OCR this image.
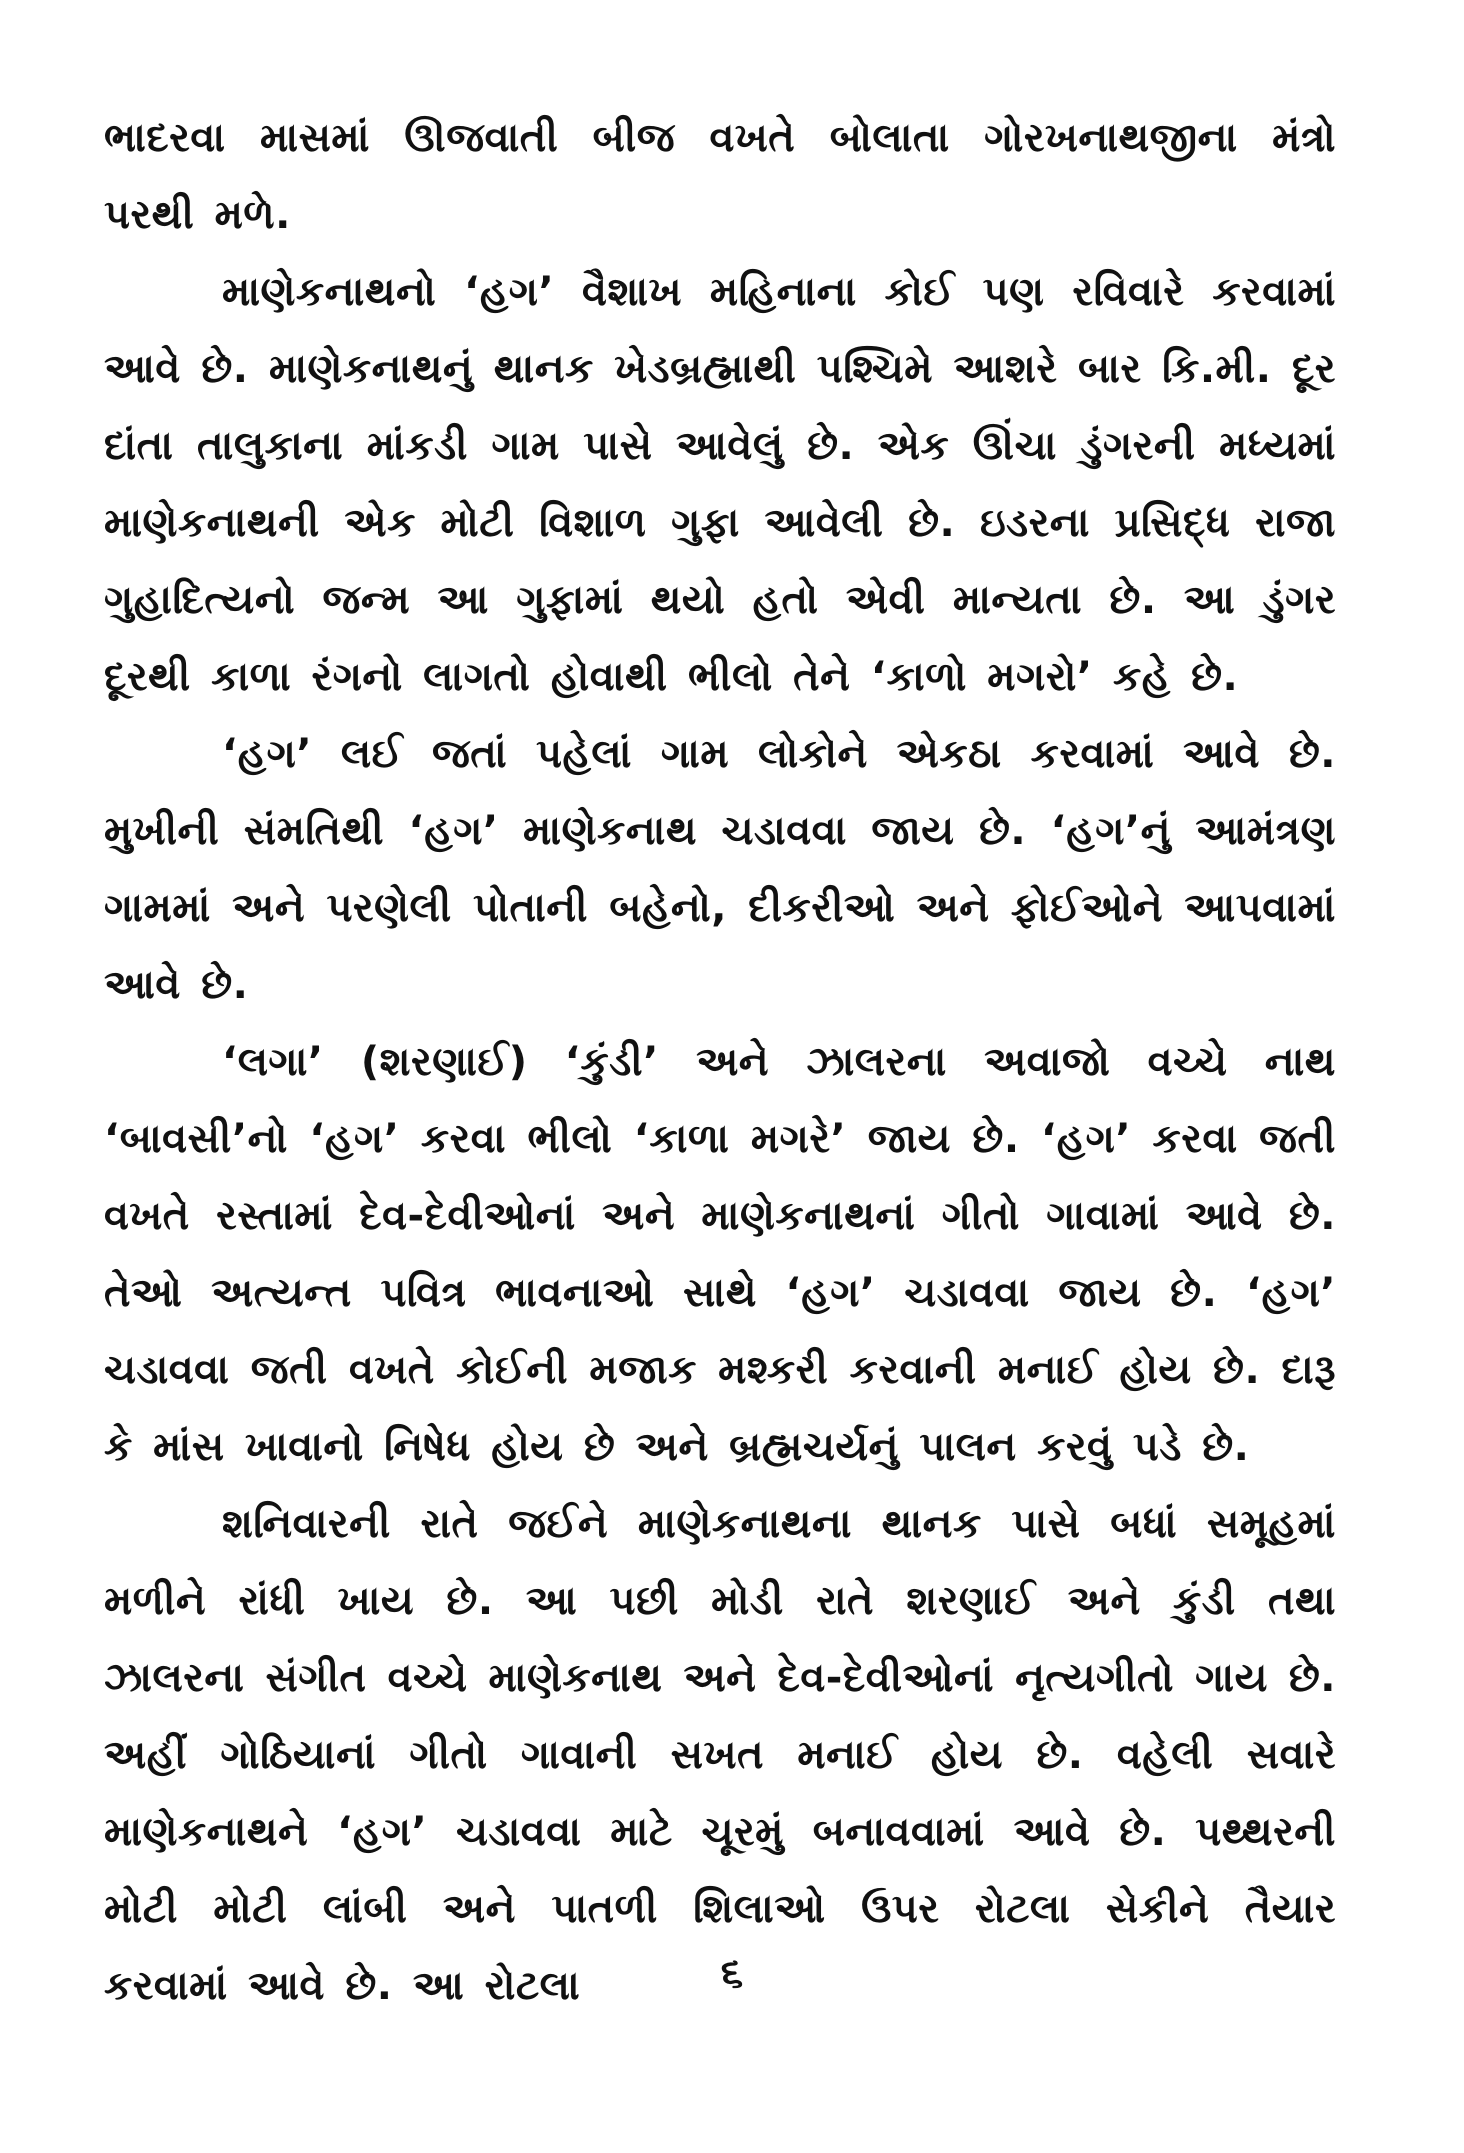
ભાદરવા માસમાં ઊજવાતી બીજ વખતે બોલાતા ગોરખનાથજીના મંત્રો પરથી મળે.

માણેકનાથનો ‘હગ’ વૈશાખ મહિનાના કોઈ પણ રવિવારે કરવામાં આવે છે. માણેકનાથનું થાનક ખેડબ્રહ્માથી પશ્ચિમે આશરે બાર કિ.મી. દૂર દાંતા તાલુકાના માંકડી ગામ પાસે આવેલું છે. એક ઊંચા ડુંગરની મધ્યમાં માણેકનાથની એક મોટી વિશાળ ગુફા આવેલી છે. ઇડરના પ્રસિદ્ધ રાજા ગુહાદિત્યનો જન્મ આ ગુફામાં થયો હતો એવી માન્યતા છે. આ ડુંગર દૂરથી કાળા રંગનો લાગતો હોવાથી ભીલો તેને ‘કાળો મગરો’ કહે છે.

‘હગ’ લઈ જતાં પહેલાં ગામ લોકોને એકઠા કરવામાં આવે છે. મુખીની સંમતિથી ‘હગ’ માણેકનાથ ચડાવવા જાય છે. ‘હગ’નું આમંત્રણ ગામમાં અને પરણેલી પોતાની બહેનો, દીકરીઓ અને ફોઈઓને આપવામાં આવે છે.

‘લગા’ (શરણાઈ) ‘કુંડી’ અને ઝાલરના અવાજો વચ્ચે નાથ ‘બાવસી’નો ‘હગ’ કરવા ભીલો ‘કાળા મગરે’ જાય છે. ‘હગ’ કરવા જતી વખતે રસ્તામાં દેવ-દેવીઓનાં અને માણેકનાથનાં ગીતો ગાવામાં આવે છે. તેઓ અત્યન્ત પવિત્ર ભાવનાઓ સાથે ‘હગ’ ચડાવવા જાય છે. ‘હગ’ ચડાવવા જતી વખતે કોઈની મજાક મશ્કરી કરવાની મનાઈ હોય છે. દારૂ કે માંસ ખાવાનો નિષેધ હોય છે અને બ્રહ્મચર્યનું પાલન કરવું પડે છે.

શનિવારની રાતે જઈને માણેકનાથના થાનક પાસે બધાં સમૂહમાં મળીને રાંધી ખાય છે. આ પછી મોડી રાતે શરણાઈ અને કુંડી તથા ઝાલરના સંગીત વચ્ચે માણેકનાથ અને દેવ-દેવીઓનાં નૃત્યગીતો ગાય છે. અહીં ગોઠિયાનાં ગીતો ગાવાની સખત મનાઈ હોય છે. વહેલી સવારે માણેકનાથને ‘હગ’ ચડાવવા માટે ચૂરમું બનાવવામાં આવે છે. પથ્થરની મોટી મોટી લાંબી અને પાતળી શિલાઓ ઉપર રોટલા સેકીને તૈયાર કરવામાં આવે છે. આ રોટલા	૬
